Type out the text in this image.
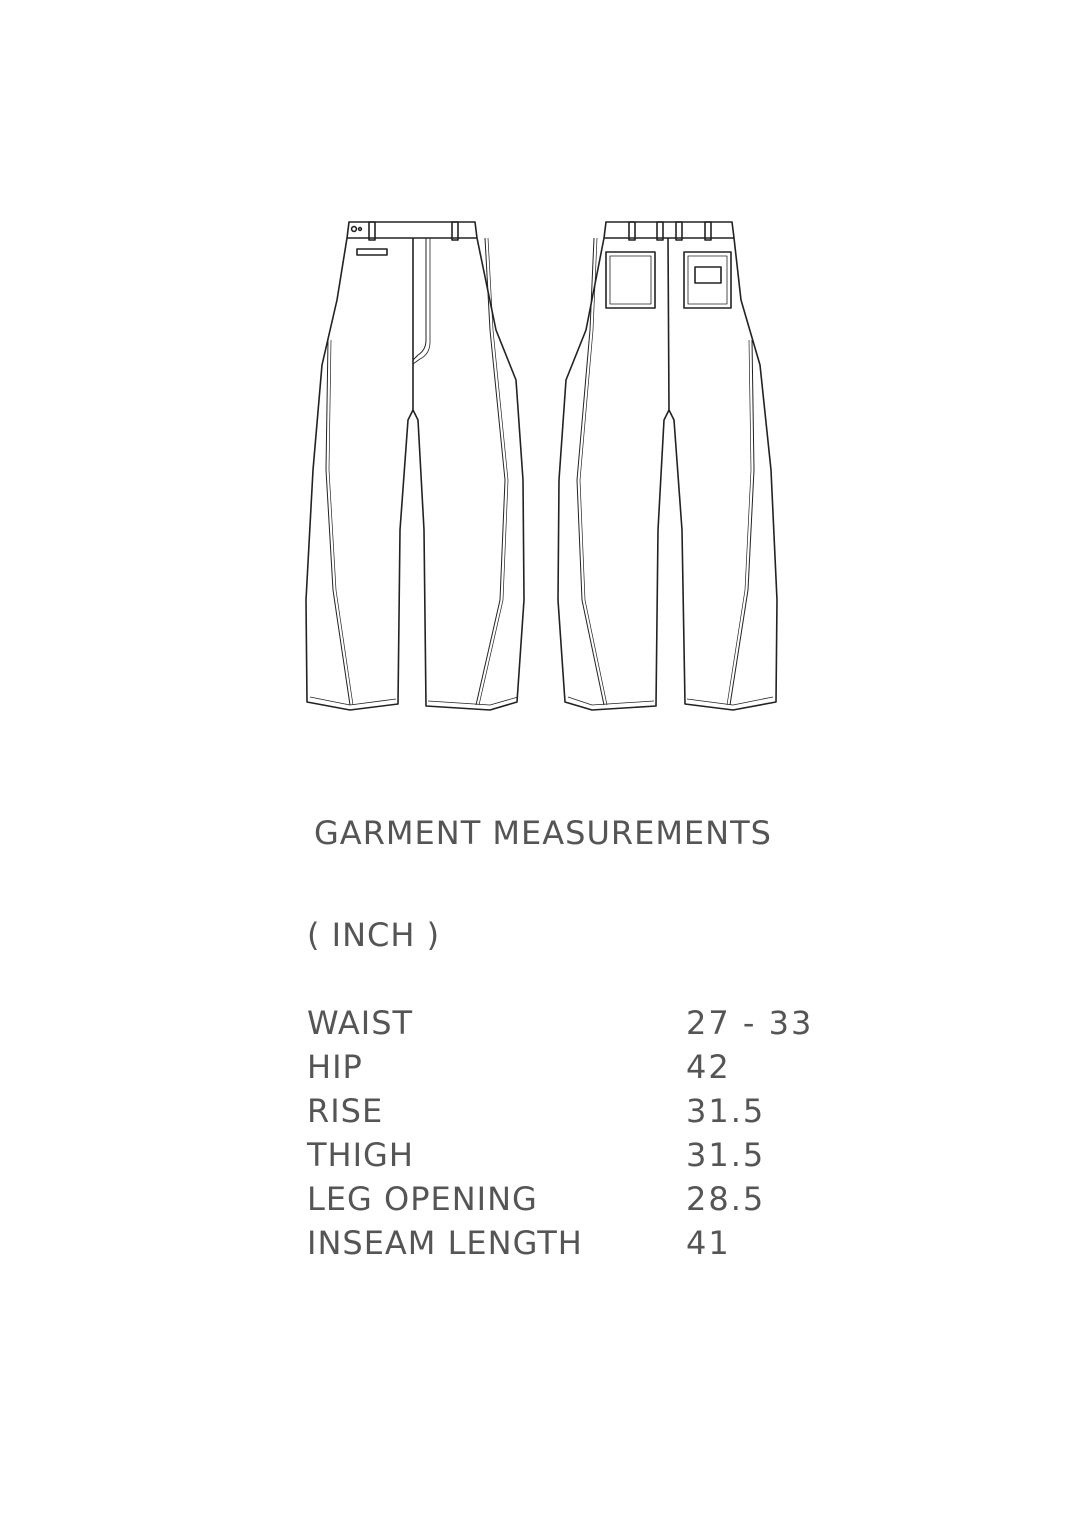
GARMENT MEASUREMENTS
( INCH )
WAIST	27 - 33
HIP	42
RISE	31.5
THIGH	31.5
LEG OPENING	28.5
INSEAM LENGTH	41
